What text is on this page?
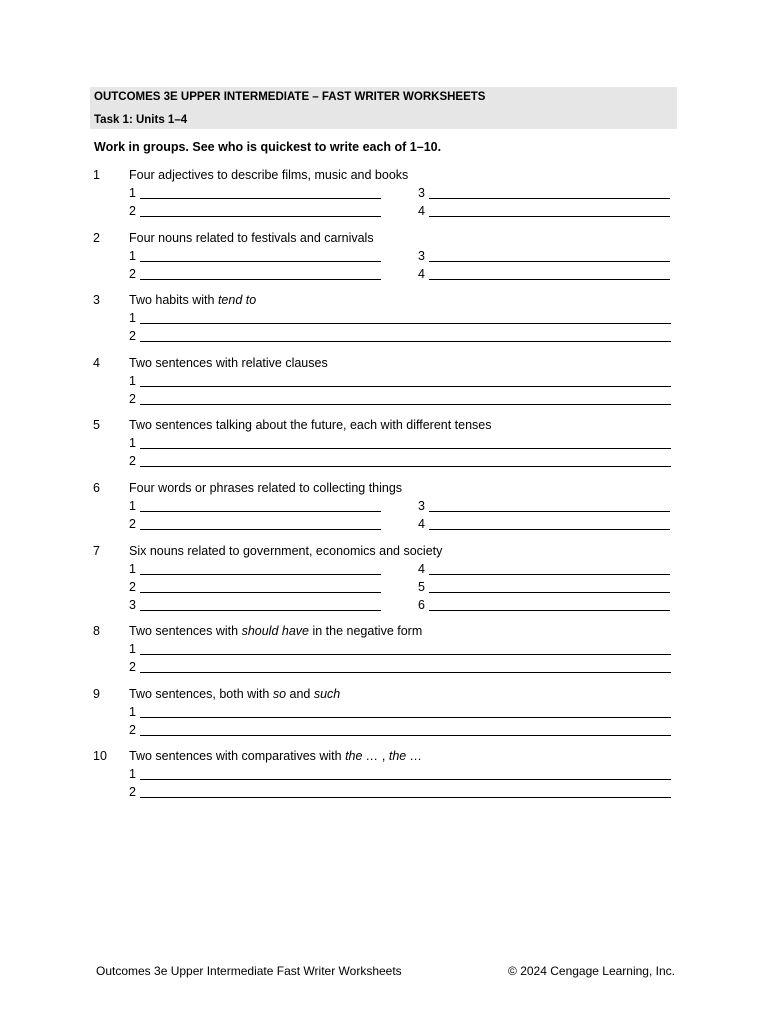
OUTCOMES 3E UPPER INTERMEDIATE – FAST WRITER WORKSHEETS
Task 1: Units 1–4
Work in groups. See who is quickest to write each of 1–10.
1 Four adjectives to describe films, music and books
1
2
3
4
2 Four nouns related to festivals and carnivals
1
2
3
4
3 Two habits with tend to
1
2
4 Two sentences with relative clauses
1
2
5 Two sentences talking about the future, each with different tenses
1
2
6 Four words or phrases related to collecting things
1
2
3
4
7 Six nouns related to government, economics and society
1
2
3
4
5
6
8 Two sentences with should have in the negative form
1
2
9 Two sentences, both with so and such
1
2
10 Two sentences with comparatives with the … , the …
1
2
Outcomes 3e Upper Intermediate Fast Writer Worksheets	© 2024 Cengage Learning, Inc.
